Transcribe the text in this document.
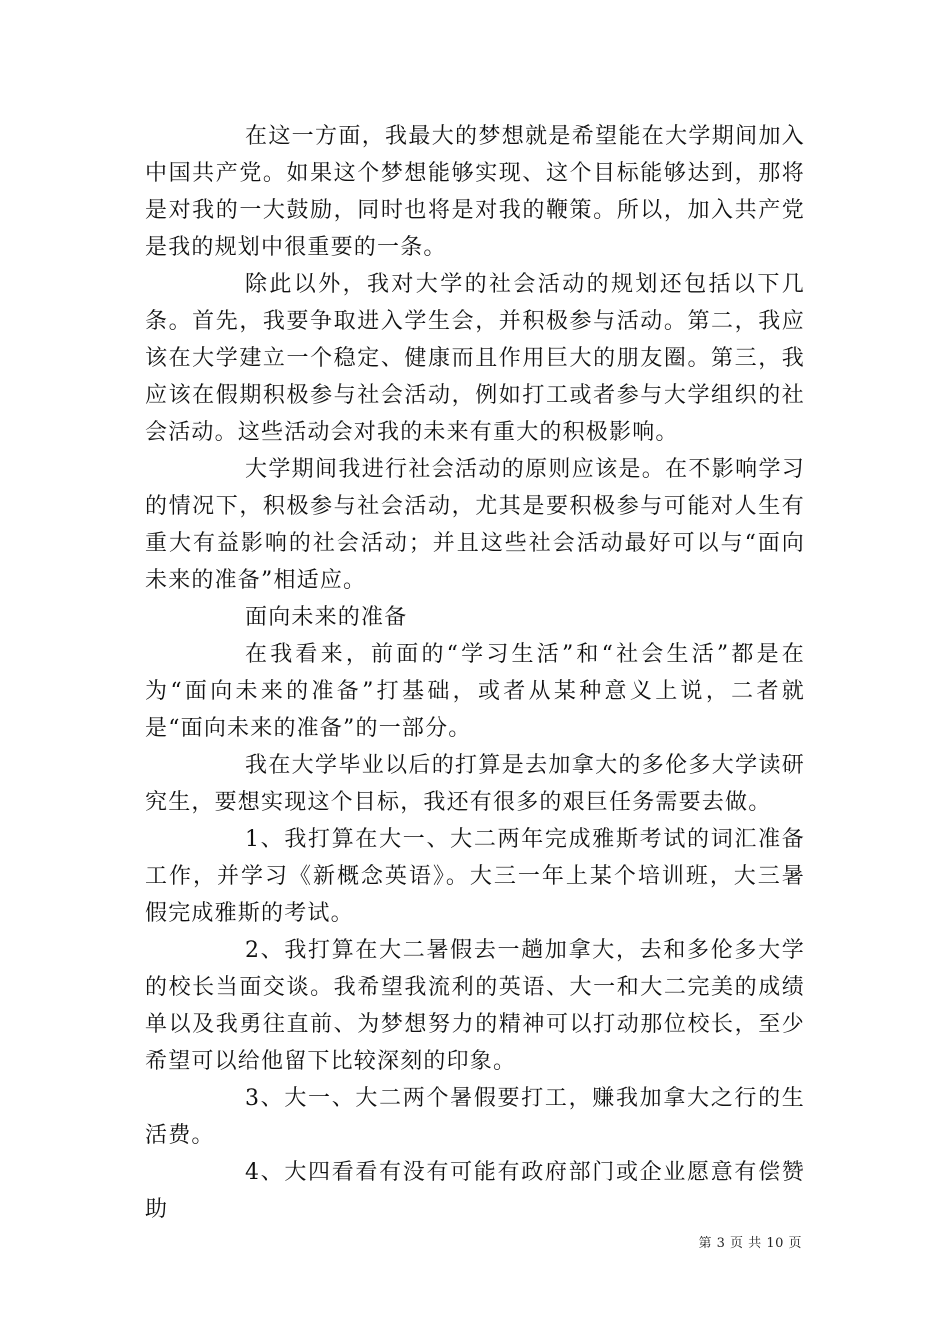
在这一方面，我最大的梦想就是希望能在大学期间加入中国共产党。如果这个梦想能够实现、这个目标能够达到，那将是对我的一大鼓励，同时也将是对我的鞭策。所以，加入共产党是我的规划中很重要的一条。

除此以外，我对大学的社会活动的规划还包括以下几条。首先，我要争取进入学生会，并积极参与活动。第二，我应该在大学建立一个稳定、健康而且作用巨大的朋友圈。第三，我应该在假期积极参与社会活动，例如打工或者参与大学组织的社会活动。这些活动会对我的未来有重大的积极影响。

大学期间我进行社会活动的原则应该是。在不影响学习的情况下，积极参与社会活动，尤其是要积极参与可能对人生有重大有益影响的社会活动；并且这些社会活动最好可以与“面向未来的准备”相适应。

面向未来的准备

在我看来，前面的“学习生活”和“社会生活”都是在为“面向未来的准备”打基础，或者从某种意义上说，二者就是“面向未来的准备”的一部分。

我在大学毕业以后的打算是去加拿大的多伦多大学读研究生，要想实现这个目标，我还有很多的艰巨任务需要去做。

1、我打算在大一、大二两年完成雅斯考试的词汇准备工作，并学习《新概念英语》。大三一年上某个培训班，大三暑假完成雅斯的考试。

2、我打算在大二暑假去一趟加拿大，去和多伦多大学的校长当面交谈。我希望我流利的英语、大一和大二完美的成绩单以及我勇往直前、为梦想努力的精神可以打动那位校长，至少希望可以给他留下比较深刻的印象。

3、大一、大二两个暑假要打工，赚我加拿大之行的生活费。

4、大四看看有没有可能有政府部门或企业愿意有偿赞助

第 3 页 共 10 页
